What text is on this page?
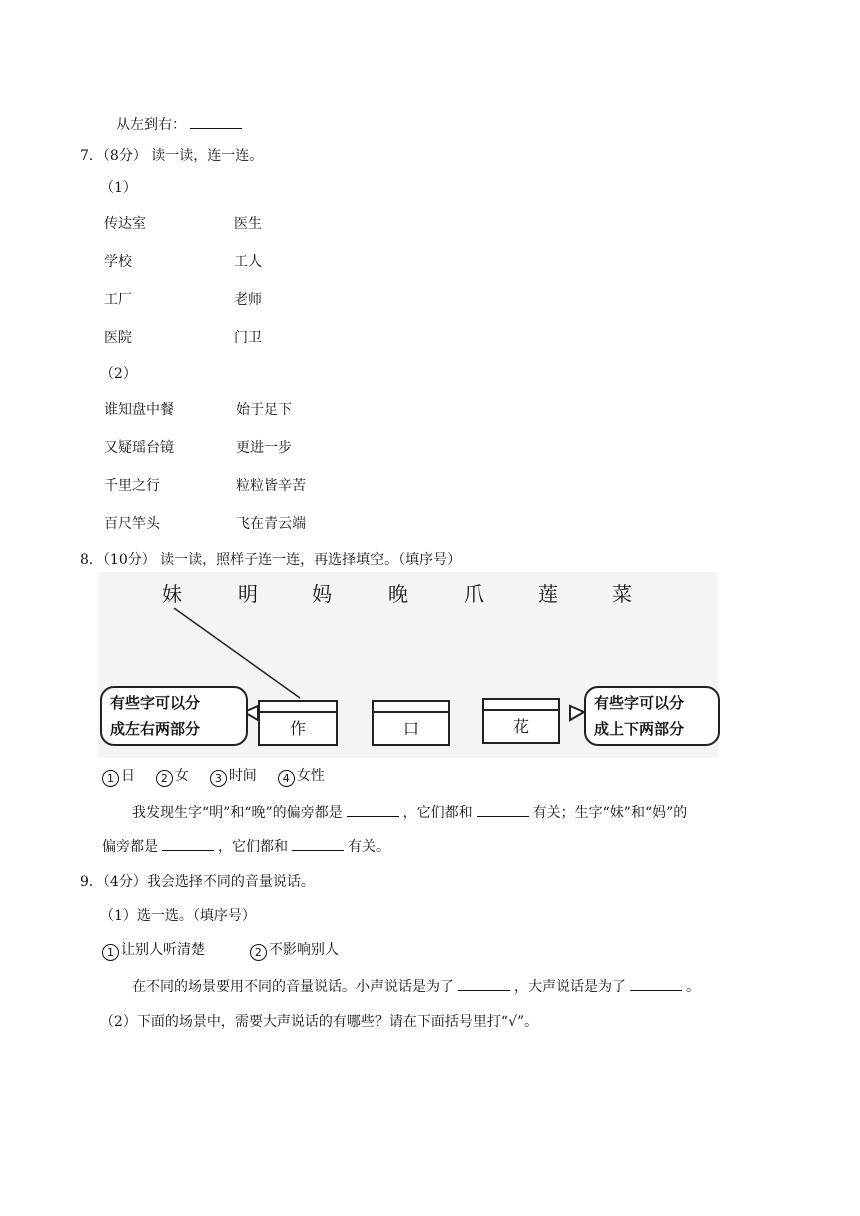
从左到右：
7．（8分） 读一读，连一连。
（1）
传达室	医生
学校	工人
工厂	老师
医院	门卫
（2）
谁知盘中餐	始于足下
又疑瑶台镜	更进一步
千里之行	粒粒皆辛苦
百尺竿头	飞在青云端
8．（10分） 读一读，照样子连一连，再选择填空。（填序号）
妹	明	妈	晚	爪	莲	菜
有些字可以分
成左右两部分	作	口	花
有些字可以分
成上下两部分
1 日 2 女 3 时间 4 女性
我发现生字“明”和“晚”的偏旁都是	，它们都和	有关；生字“妹”和“妈”的
偏旁都是	，它们都和	有关。
9．（4分）我会选择不同的音量说话。
（1）选一选。（填序号）
1 让别人听清楚	2 不影响别人
在不同的场景要用不同的音量说话。小声说话是为了	，大声说话是为了	。
（2）下面的场景中，需要大声说话的有哪些？请在下面括号里打“√”。
